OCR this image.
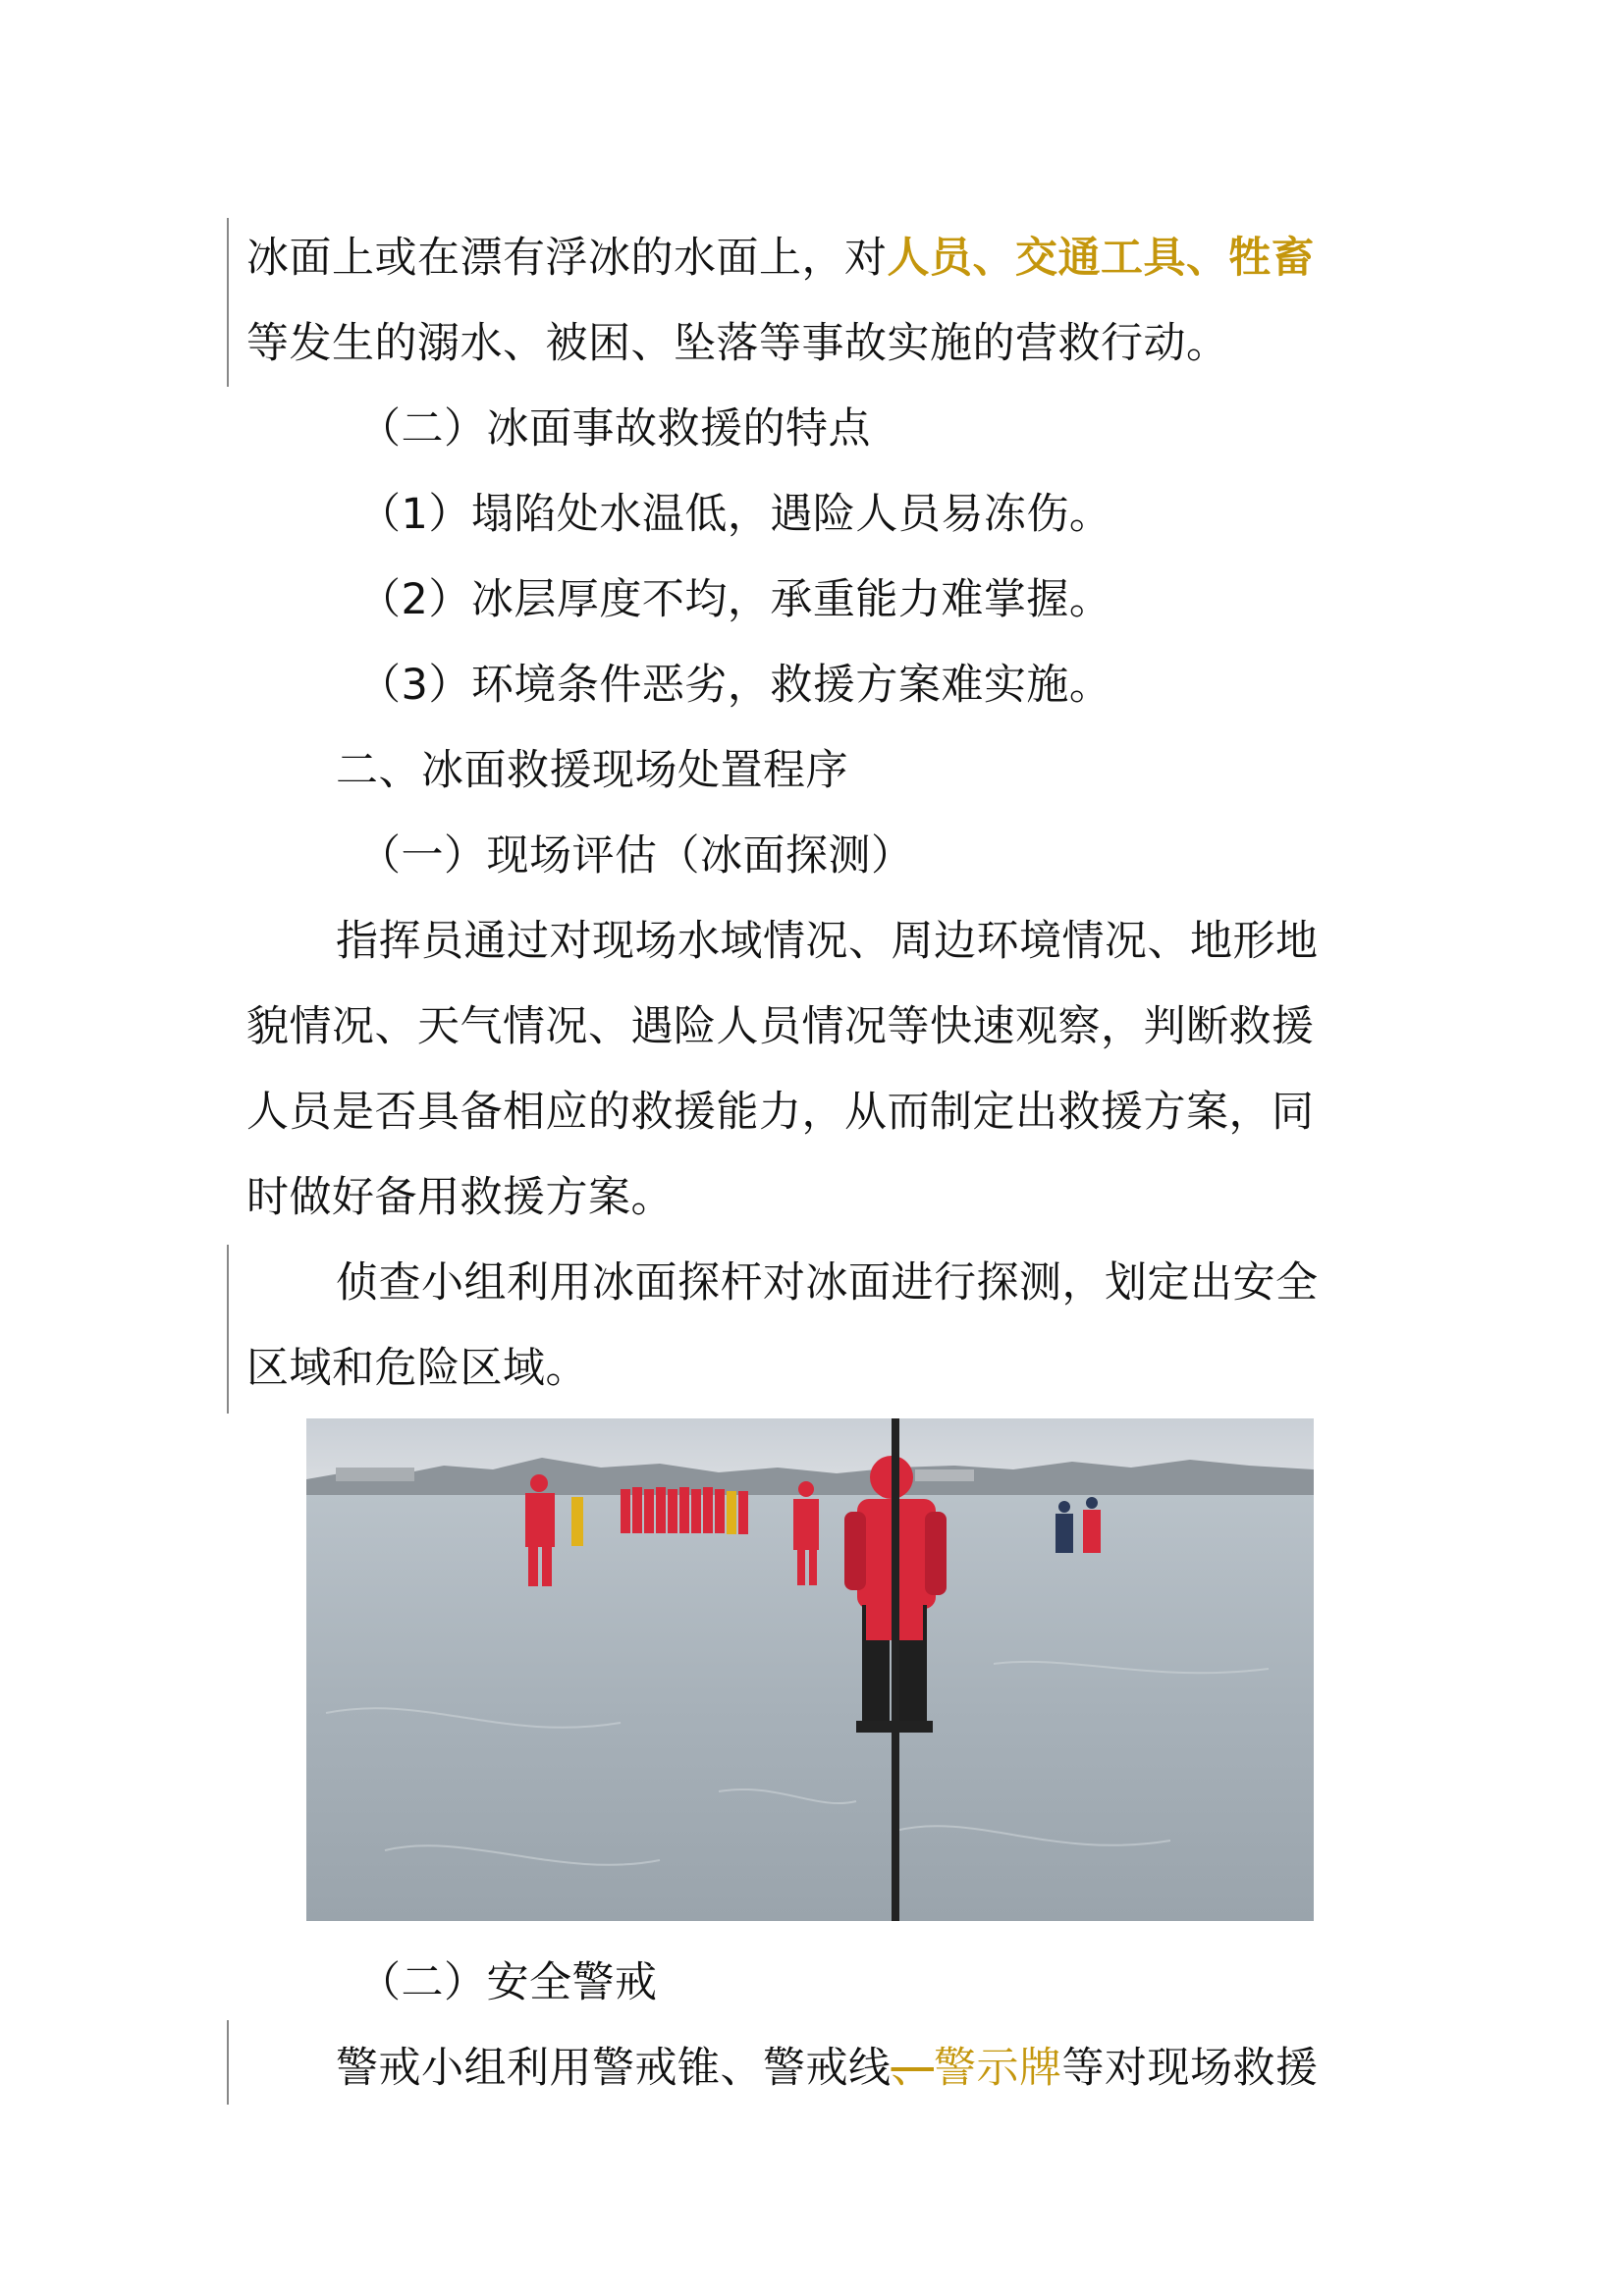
冰面上或在漂有浮冰的水面上，对人员、交通工具、牲畜
等发生的溺水、被困、坠落等事故实施的营救行动。
（二）冰面事故救援的特点
（1）塌陷处水温低，遇险人员易冻伤。
（2）冰层厚度不均，承重能力难掌握。
（3）环境条件恶劣，救援方案难实施。
二、冰面救援现场处置程序
（一）现场评估（冰面探测）
指挥员通过对现场水域情况、周边环境情况、地形地
貌情况、天气情况、遇险人员情况等快速观察，判断救援
人员是否具备相应的救援能力，从而制定出救援方案，同
时做好备用救援方案。
侦查小组利用冰面探杆对冰面进行探测，划定出安全
区域和危险区域。
（二）安全警戒
警戒小组利用警戒锥、警戒线、警示牌等对现场救援
